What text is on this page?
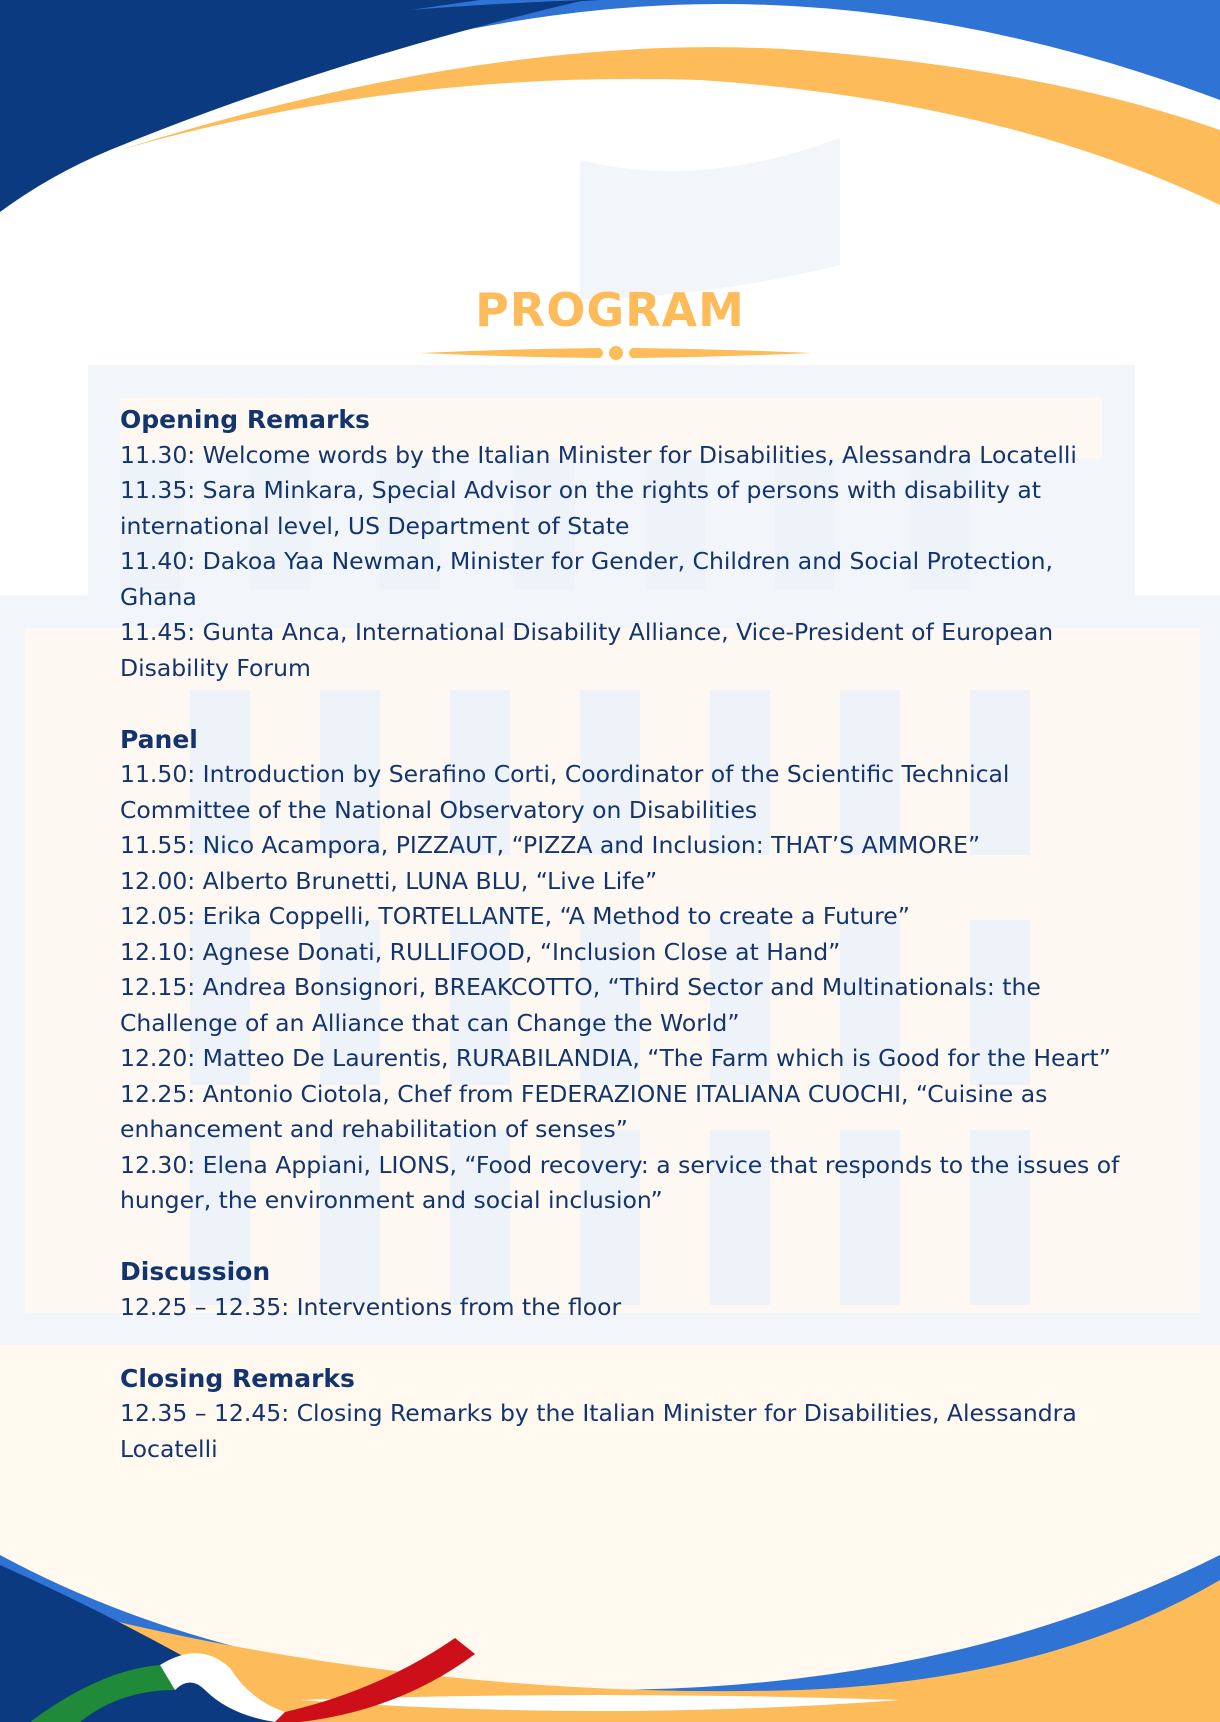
PROGRAM
Opening Remarks
11.30: Welcome words by the Italian Minister for Disabilities, Alessandra Locatelli
11.35: Sara Minkara, Special Advisor on the rights of persons with disability at international level, US Department of State
11.40: Dakoa Yaa Newman, Minister for Gender, Children and Social Protection, Ghana
11.45: Gunta Anca, International Disability Alliance, Vice-President of European Disability Forum
Panel
11.50: Introduction by Serafino Corti, Coordinator of the Scientific Technical Committee of the National Observatory on Disabilities
11.55: Nico Acampora, PIZZAUT, “PIZZA and Inclusion: THAT’S AMMORE”
12.00: Alberto Brunetti, LUNA BLU, “Live Life”
12.05: Erika Coppelli, TORTELLANTE, “A Method to create a Future”
12.10: Agnese Donati, RULLIFOOD, “Inclusion Close at Hand”
12.15: Andrea Bonsignori, BREAKCOTTO, “Third Sector and Multinationals: the Challenge of an Alliance that can Change the World”
12.20: Matteo De Laurentis, RURABILANDIA, “The Farm which is Good for the Heart”
12.25: Antonio Ciotola, Chef from FEDERAZIONE ITALIANA CUOCHI, “Cuisine as enhancement and rehabilitation of senses”
12.30: Elena Appiani, LIONS, “Food recovery: a service that responds to the issues of hunger, the environment and social inclusion”
Discussion
12.25 – 12.35: Interventions from the floor
Closing Remarks
12.35 – 12.45: Closing Remarks by the Italian Minister for Disabilities, Alessandra Locatelli
